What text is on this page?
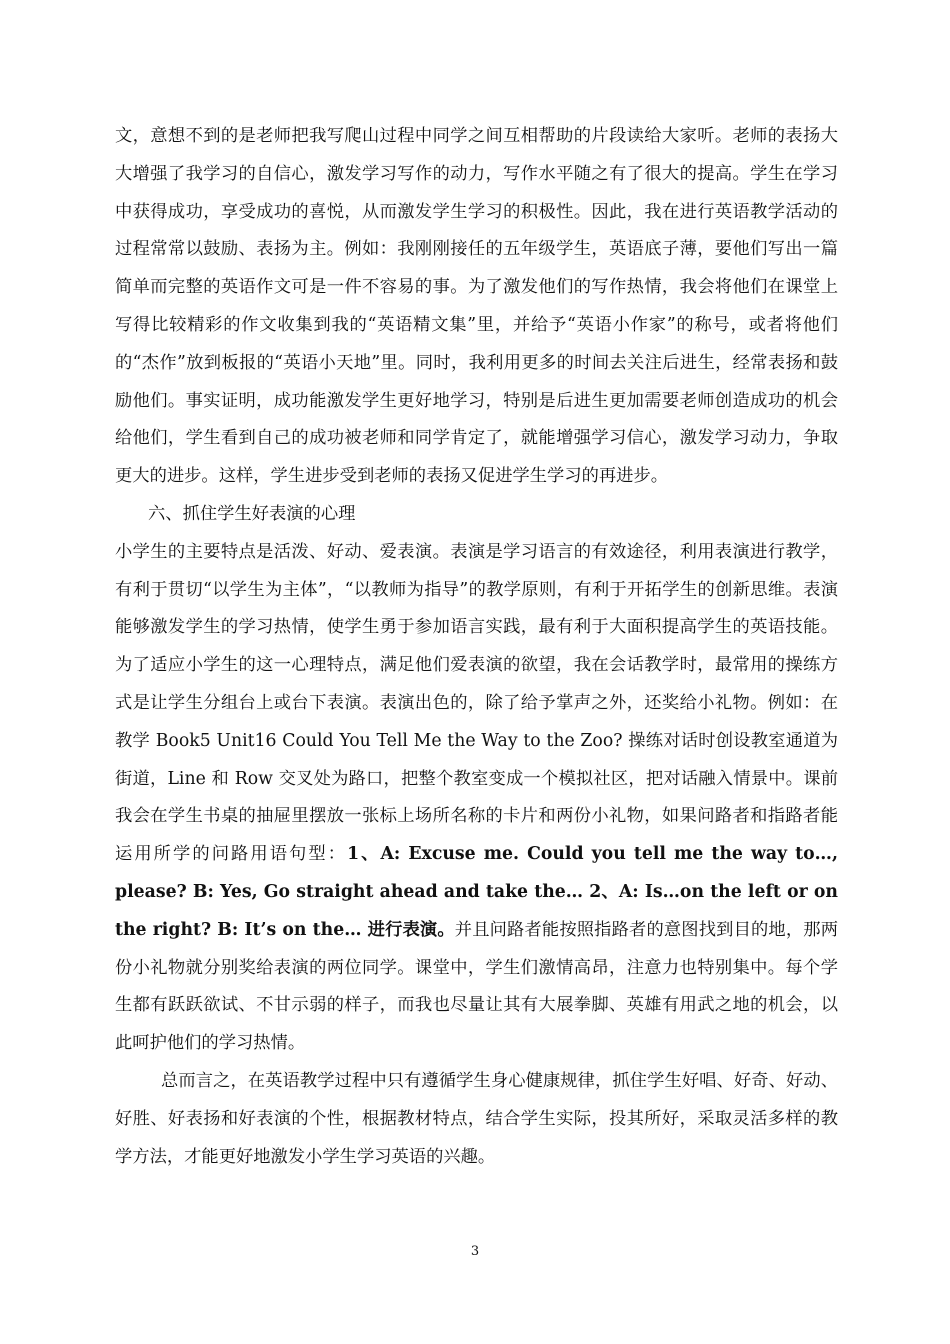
文，意想不到的是老师把我写爬山过程中同学之间互相帮助的片段读给大家听。老师的表扬大大增强了我学习的自信心，激发学习写作的动力，写作水平随之有了很大的提高。学生在学习中获得成功，享受成功的喜悦，从而激发学生学习的积极性。因此，我在进行英语教学活动的过程常常以鼓励、表扬为主。例如：我刚刚接任的五年级学生，英语底子薄，要他们写出一篇简单而完整的英语作文可是一件不容易的事。为了激发他们的写作热情，我会将他们在课堂上写得比较精彩的作文收集到我的“英语精文集”里，并给予“英语小作家”的称号，或者将他们的“杰作”放到板报的“英语小天地”里。同时，我利用更多的时间去关注后进生，经常表扬和鼓励他们。事实证明，成功能激发学生更好地学习，特别是后进生更加需要老师创造成功的机会给他们，学生看到自己的成功被老师和同学肯定了，就能增强学习信心，激发学习动力，争取更大的进步。这样，学生进步受到老师的表扬又促进学生学习的再进步。

六、抓住学生好表演的心理

小学生的主要特点是活泼、好动、爱表演。表演是学习语言的有效途径，利用表演进行教学，有利于贯切“以学生为主体”，“以教师为指导”的教学原则，有利于开拓学生的创新思维。表演能够激发学生的学习热情，使学生勇于参加语言实践，最有利于大面积提高学生的英语技能。为了适应小学生的这一心理特点，满足他们爱表演的欲望，我在会话教学时，最常用的操练方式是让学生分组台上或台下表演。表演出色的，除了给予掌声之外，还奖给小礼物。例如：在教学 Book5 Unit16 Could You Tell Me the Way to the Zoo? 操练对话时创设教室通道为街道，Line 和 Row 交叉处为路口，把整个教室变成一个模拟社区，把对话融入情景中。课前我会在学生书桌的抽屉里摆放一张标上场所名称的卡片和两份小礼物，如果问路者和指路者能运用所学的问路用语句型：1、A: Excuse me. Could you tell me the way to…, please? B: Yes, Go straight ahead and take the… 2、A: Is…on the left or on the right? B: It’s on the… 进行表演。并且问路者能按照指路者的意图找到目的地，那两份小礼物就分别奖给表演的两位同学。课堂中，学生们激情高昂，注意力也特别集中。每个学生都有跃跃欲试、不甘示弱的样子，而我也尽量让其有大展拳脚、英雄有用武之地的机会，以此呵护他们的学习热情。

总而言之，在英语教学过程中只有遵循学生身心健康规律，抓住学生好唱、好奇、好动、好胜、好表扬和好表演的个性，根据教材特点，结合学生实际，投其所好，采取灵活多样的教学方法，才能更好地激发小学生学习英语的兴趣。

3
